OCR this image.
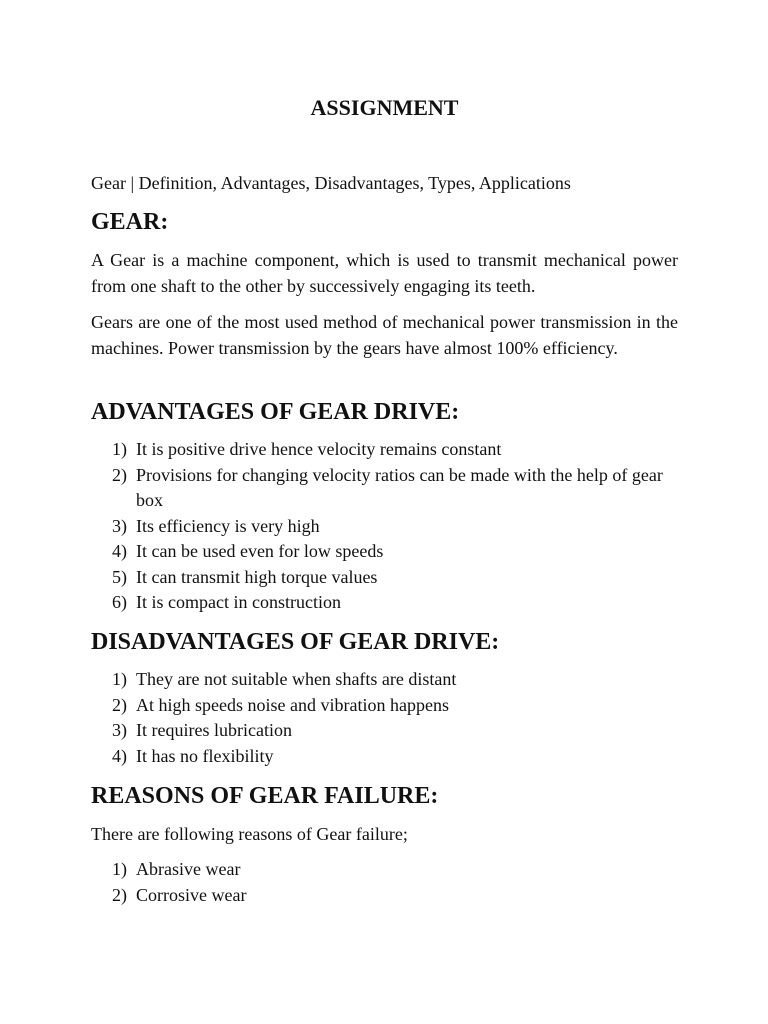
ASSIGNMENT

Gear | Definition, Advantages, Disadvantages, Types, Applications

GEAR:

A Gear is a machine component, which is used to transmit mechanical power from one shaft to the other by successively engaging its teeth.

Gears are one of the most used method of mechanical power transmission in the machines. Power transmission by the gears have almost 100% efficiency.

ADVANTAGES OF GEAR DRIVE:
1) It is positive drive hence velocity remains constant
2) Provisions for changing velocity ratios can be made with the help of gear box
3) Its efficiency is very high
4) It can be used even for low speeds
5) It can transmit high torque values
6) It is compact in construction
DISADVANTAGES OF GEAR DRIVE:
1) They are not suitable when shafts are distant
2) At high speeds noise and vibration happens
3) It requires lubrication
4) It has no flexibility
REASONS OF GEAR FAILURE:

There are following reasons of Gear failure;

1) Abrasive wear
2) Corrosive wear
